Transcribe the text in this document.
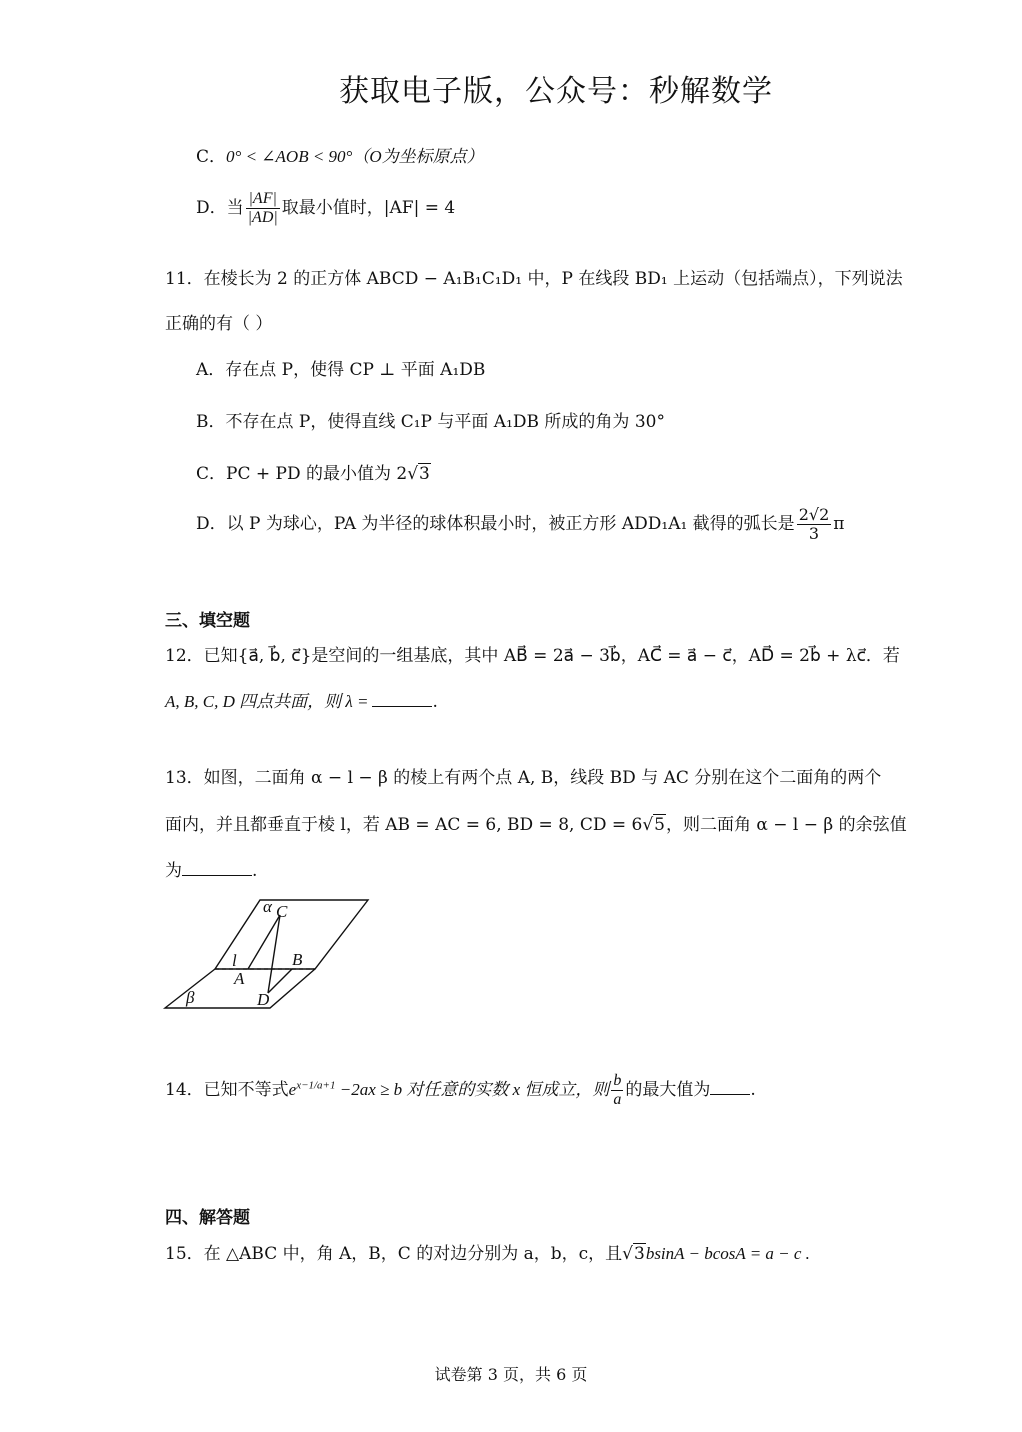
获取电子版，公众号：秒解数学
C．0° < ∠AOB < 90°（O为坐标原点）
D．当 $\frac{|AF|}{|AD|}$ 取最小值时，|AF| = 4
11．在棱长为 2 的正方体 ABCD − A₁B₁C₁D₁ 中，P 在线段 BD₁ 上运动（包括端点），下列说法
正确的有（ ）
A．存在点 P，使得 CP ⊥ 平面 A₁DB
B．不存在点 P，使得直线 C₁P 与平面 A₁DB 所成的角为 30°
C．PC + PD 的最小值为 2√3
D．以 P 为球心，PA 为半径的球体积最小时，被正方形 ADD₁A₁ 截得的弧长是 $\frac{2√2}{3}$ π
三、填空题
12．已知{a⃗, b⃗, c⃗}是空间的一组基底，其中 AB⃗ = 2a⃗ − 3b⃗，AC⃗ = a⃗ − c⃗，AD⃗ = 2b⃗ + λc⃗．若
A, B, C, D 四点共面，则 λ =	.
13．如图，二面角 α − l − β 的棱上有两个点 A, B，线段 BD 与 AC 分别在这个二面角的两个
面内，并且都垂直于棱 l，若 AB = AC = 6, BD = 8, CD = 6√5，则二面角 α − l − β 的余弦值
为	.
α C
l	B
A
β	D
14．已知不等式$e^{x-1/a+1} -2ax \ge b$ 对任意的实数 x 恒成立，则 $\frac{b}{a}$ 的最大值为 .
四、解答题
15．在 △ABC 中，角 A，B，C 的对边分别为 a，b，c，且√3bsinA − bcosA = a − c .
试卷第 3 页，共 6 页
